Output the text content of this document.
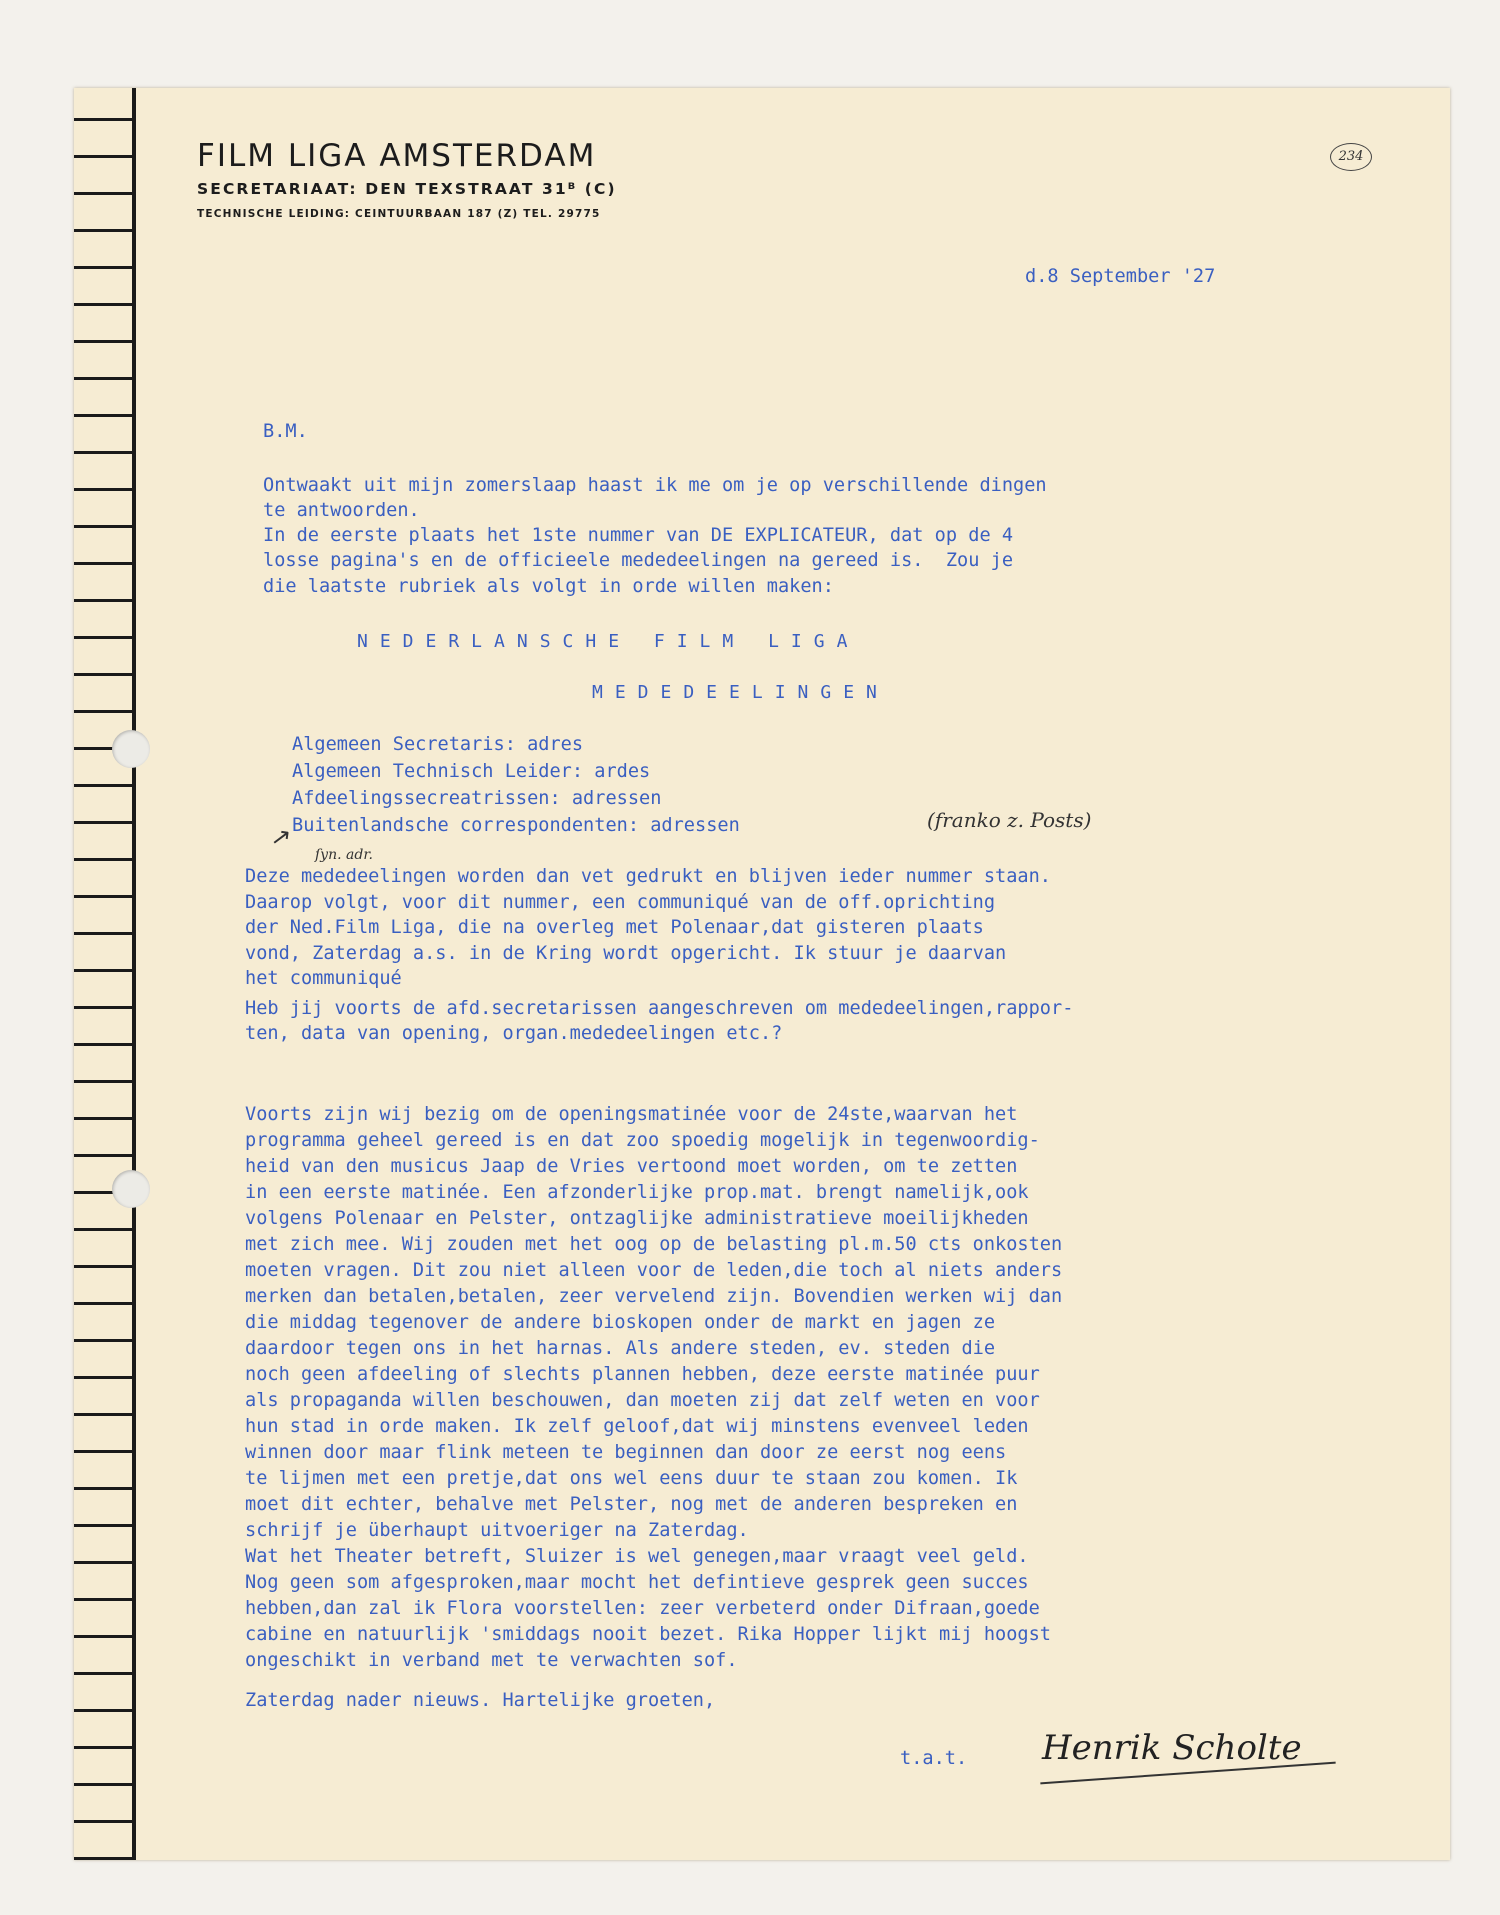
FILM LIGA AMSTERDAM
SECRETARIAAT: DEN TEXSTRAAT 31ᴮ (C)
TECHNISCHE LEIDING: CEINTUURBAAN 187 (Z) TEL. 29775
234
d.8 September '27
B.M.
Ontwaakt uit mijn zomerslaap haast ik me om je op verschillende dingen
te antwoorden.
In de eerste plaats het 1ste nummer van DE EXPLICATEUR, dat op de 4
losse pagina's en de officieele mededeelingen na gereed is.  Zou je
die laatste rubriek als volgt in orde willen maken:
NEDERLANSCHE FILM LIGA
MEDEDEELINGEN
Algemeen Secretaris: adres
Algemeen Technisch Leider: ardes
Afdeelingssecreatrissen: adressen
Buitenlandsche correspondenten: adressen	(franko z. Posts)
ſyn. adr.
↗
Deze mededeelingen worden dan vet gedrukt en blijven ieder nummer staan.
Daarop volgt, voor dit nummer, een communiqué van de off.oprichting
der Ned.Film Liga, die na overleg met Polenaar,dat gisteren plaats
vond, Zaterdag a.s. in de Kring wordt opgericht. Ik stuur je daarvan
het communiqué
Heb jij voorts de afd.secretarissen aangeschreven om mededeelingen,rappor-
ten, data van opening, organ.mededeelingen etc.?
Voorts zijn wij bezig om de openingsmatinée voor de 24ste,waarvan het
programma geheel gereed is en dat zoo spoedig mogelijk in tegenwoordig-
heid van den musicus Jaap de Vries vertoond moet worden, om te zetten
in een eerste matinée. Een afzonderlijke prop.mat. brengt namelijk,ook
volgens Polenaar en Pelster, ontzaglijke administratieve moeilijkheden
met zich mee. Wij zouden met het oog op de belasting pl.m.50 cts onkosten
moeten vragen. Dit zou niet alleen voor de leden,die toch al niets anders
merken dan betalen,betalen, zeer vervelend zijn. Bovendien werken wij dan
die middag tegenover de andere bioskopen onder de markt en jagen ze
daardoor tegen ons in het harnas. Als andere steden, ev. steden die
noch geen afdeeling of slechts plannen hebben, deze eerste matinée puur
als propaganda willen beschouwen, dan moeten zij dat zelf weten en voor
hun stad in orde maken. Ik zelf geloof,dat wij minstens evenveel leden
winnen door maar flink meteen te beginnen dan door ze eerst nog eens
te lijmen met een pretje,dat ons wel eens duur te staan zou komen. Ik
moet dit echter, behalve met Pelster, nog met de anderen bespreken en
schrijf je überhaupt uitvoeriger na Zaterdag.
Wat het Theater betreft, Sluizer is wel genegen,maar vraagt veel geld.
Nog geen som afgesproken,maar mocht het defintieve gesprek geen succes
hebben,dan zal ik Flora voorstellen: zeer verbeterd onder Difraan,goede
cabine en natuurlijk 'smiddags nooit bezet. Rika Hopper lijkt mij hoogst
ongeschikt in verband met te verwachten sof.
Zaterdag nader nieuws. Hartelijke groeten,
t.a.t. Henrik Scholte
